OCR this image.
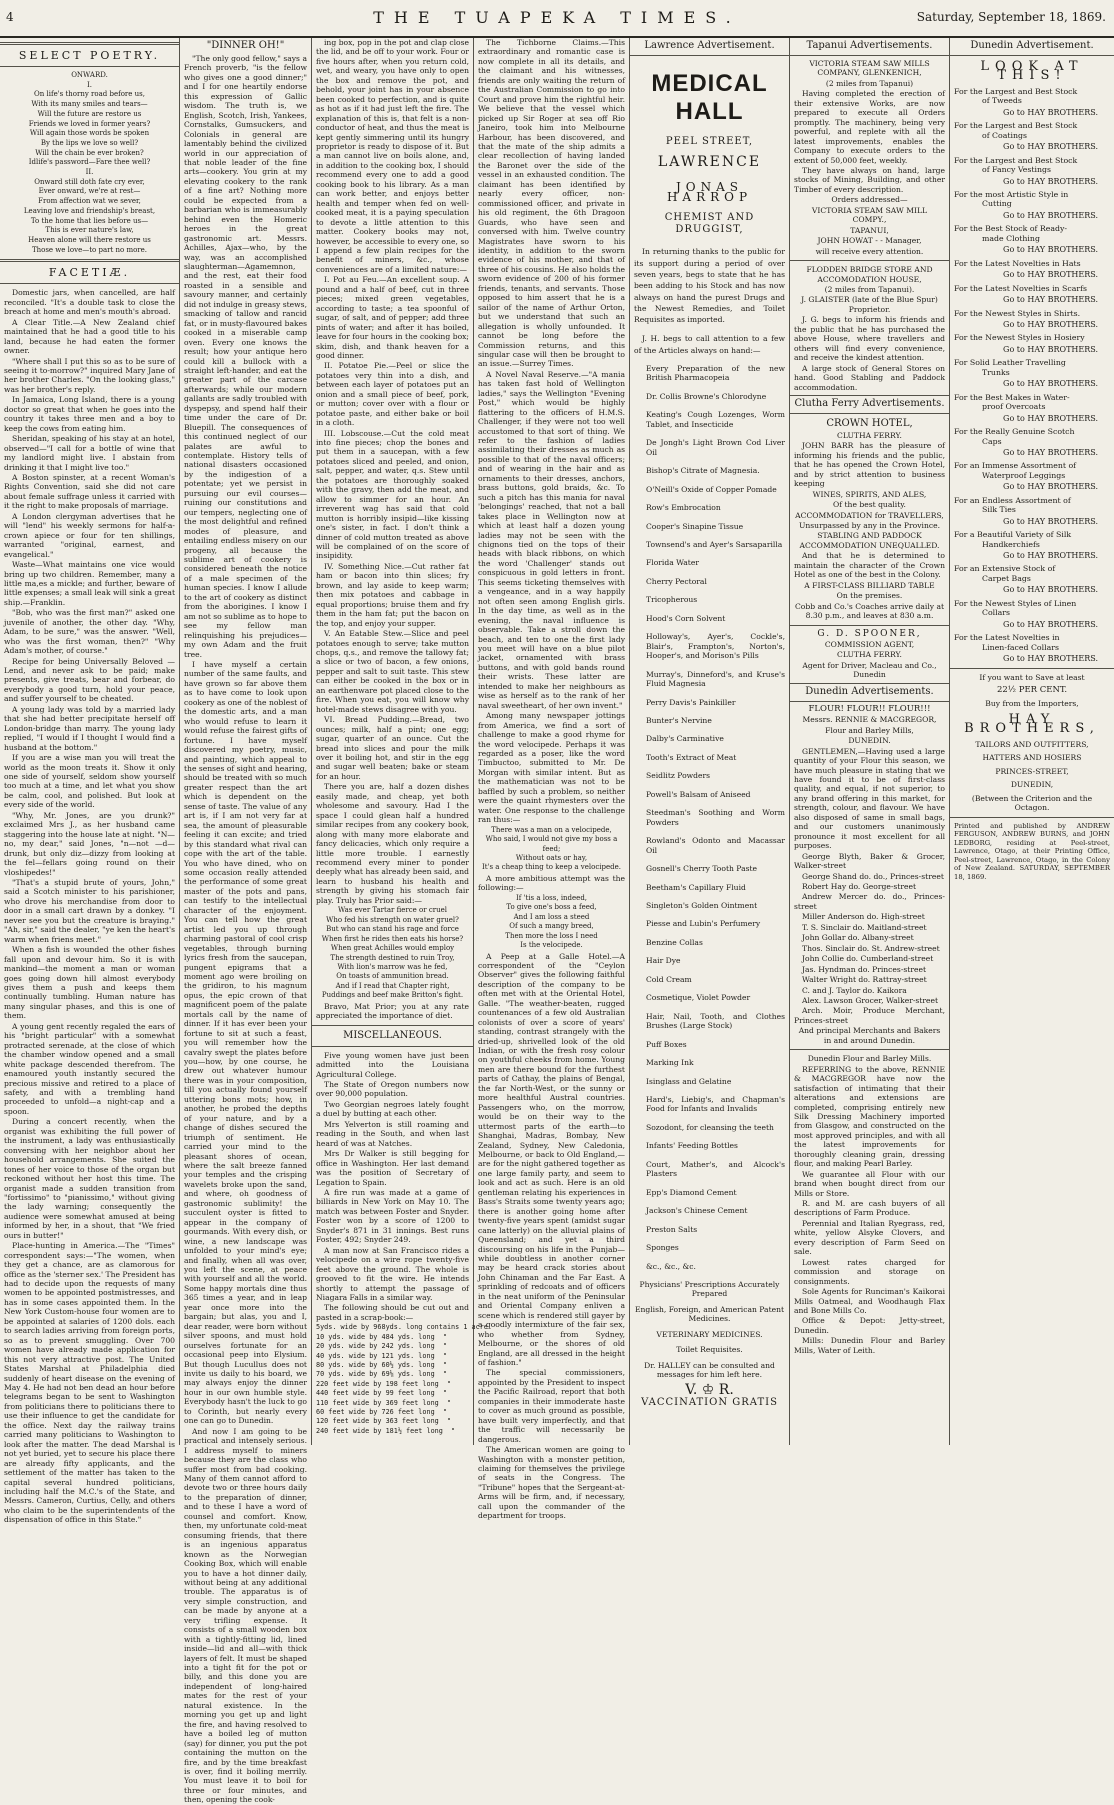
4	THE TUAPEKA TIMES.	Saturday, September 18, 1869.
SELECT POETRY.

ONWARD.

I.

On life's thorny road before us,

With its many smiles and tears—

Will the future are restore us

Friends we loved in former years?

Will again those words be spoken

By the lips we love so well?

Will the chain be ever broken?

Idlife's password—Fare thee well?

II.

Onward still doth fate cry ever,

Ever onward, we're at rest—

From affection wat we sever,

Leaving love and friendship's breast,

To the home that lies before us—

This is ever nature's law,

Heaven alone will there restore us

Those we love—to part no more.

FACETIÆ.

Domestic jars, when cancelled, are half reconciled. "It's a double task to close the breach at home and men's mouth's abroad.

A Clear Title.—A New Zealand chief maintained that he had a good title to his land, because he had eaten the former owner.

"Where shall I put this so as to be sure of seeing it to-morrow?" inquired Mary Jane of her brother Charles. "On the looking glass," was her brother's reply.

In Jamaica, Long Island, there is a young doctor so great that when he goes into the country it takes three men and a boy to keep the cows from eating him.

Sheridan, speaking of his stay at an hotel, observed—"I call for a bottle of wine that my landlord might live. I abstain from drinking it that I might live too."

A Boston spinster, at a recent Woman's Rights Convention, said she did not care about female suffrage unless it carried with it the right to make proposals of marriage.

A London clergyman advertises that he will "lend" his weekly sermons for half-a-crown apiece or four for ten shillings, warranted "original, earnest, and evangelical."

Waste—What maintains one vice would bring up two children. Remember, many a little ma,es a mickle; and further, beware of little expenses; a small leak will sink a great ship.—Franklin.

"Bob, who was the first man?" asked one juvenile of another, the other day. "Why, Adam, to be sure," was the answer. "Well, who was the first woman, then?" "Why Adam's mother, of course."

Recipe for being Universally Beloved —Lend, and never ask to be paid; make presents, give treats, bear and forbear, do everybody a good turn, hold your peace, and suffer yourself to be cheated.

A young lady was told by a married lady that she had better precipitate herself off London-bridge than marry. The young lady replied, "I would if I thought I would find a husband at the bottom."

If you are a wise man you will treat the world as the moon treats it. Show it only one side of yourself, seldom show yourself too much at a time, and let what you show be calm, cool, and polished. But look at every side of the world.

"Why, Mr. Jones, are you drunk?" exclaimed Mrs J., as her husband came staggering into the house late at night. "N—no, my dear," said Jones, "n—not —d—drunk, but only diz—dizzy from looking at the fel—fellars going round on their vloshipedes!"

"That's a stupid brute of yours, John," said a Scotch minister to his parishioner, who drove his merchandise from door to door in a small cart drawn by a donkey. "I never see you but the creature is braying." "Ah, sir," said the dealer, "ye ken the heart's warm when friens meet."

When a fish is wounded the other fishes fall upon and devour him. So it is with mankind—the moment a man or woman goes going down hill almost everybody gives them a push and keeps them continually tumbling. Human nature has many singular phases, and this is one of them.

A young gent recently regaled the ears of his "bright particular" with a somewhat protracted serenade, at the close of which the chamber window opened and a small white package descended therefrom. The enamoured youth instantly secured the precious missive and retired to a place of safety, and with a trembling hand proceeded to unfold—a night-cap and a spoon.

During a concert recently, when the organist was exhibiting the full power of the instrument, a lady was enthusiastically conversing with her neighbor about her household arrangements. She suited the tones of her voice to those of the organ but reckoned without her host this time. The organist made a sudden transition from "fortissimo" to "pianissimo," without giving the lady warning; consequently the audience were somewhat amused at being informed by her, in a shout, that "We fried ours in butter!"

Place-hunting in America.—The "Times" correspondent says:—"The women, when they get a chance, are as clamorous for office as the 'sterner sex.' The President has had to decide upon the requests of many women to be appointed postmistresses, and has in some cases appointed them. In the New York Custom-house four women are to be appointed at salaries of 1200 dols. each to search ladies arriving from foreign ports, so as to prevent smuggling. Over 700 women have already made application for this not very attractive post. The United States Marshal at Philadelphia died suddenly of heart disease on the evening of May 4. He had not ben dead an hour before telegrams began to be sent to Washington from politicians there to politicians there to use their influence to get the candidate for the office. Next day the railway trains carried many politicians to Washington to look after the matter. The dead Marshal is not yet buried, yet to secure his place there are already fifty applicants, and the settlement of the matter has taken to the capital several hundred politicians, including half the M.C.'s of the State, and Messrs. Cameron, Curtius, Celly, and others who claim to be the superintendents of the dispensation of office in this State."

"DINNER OH!"

"The only good fellow," says a French proverb, "is the fellow who gives one a good dinner;" and I for one heartily endorse this expression of Gallic wisdom. The truth is, we English, Scotch, Irish, Yankees, Cornstalks, Gumsuckers, and Colonials in general are lamentably behind the civilized world in our appreciation of that noble leader of the fine arts—cookery. You grin at my elevating cookery to the rank of a fine art? Nothing more could be expected from a barbarian who is immeasurably behind even the Homeric heroes in the great gastronomic art. Messrs. Achilles, Ajax—who, by the way, was an accomplished slaughterman—Agamemnon, and the rest, eat their food roasted in a sensible and savoury manner, and certainly did not indulge in greasy stews, smacking of tallow and rancid fat, or in musty-flavoured bakes cooked in a miserable camp oven. Every one knows the result; how your antique hero could kill a bullock with a straight left-hander, and eat the greater part of the carcase afterwards; while our modern gallants are sadly troubled with dyspepsy, and spend half their time under the care of Dr. Bluepill. The consequences of this continued neglect of our palates are awful to contemplate. History tells of national disasters occasioned by the indigestion of a potentate; yet we persist in pursuing our evil courses—ruining our constitutions and our tempers, neglecting one of the most delightful and refined modes of pleasure, and entailing endless misery on our progeny, all because the sublime art of cookery is considered beneath the notice of a male specimen of the human species. I know I allude to the art of cookery as distinct from the aborigines. I know I am not so sublime as to hope to see my fellow man relinquishing his prejudices—my own Adam and the fruit tree.

I have myself a certain number of the same faults, and have grown so far above them as to have come to look upon cookery as one of the noblest of the domestic arts, and a man who would refuse to learn it would refuse the fairest gifts of fortune. I have myself discovered my poetry, music, and painting, which appeal to the senses of sight and hearing, should be treated with so much greater respect than the art which is dependent on the sense of taste. The value of any art is, if I am not very far at sea, the amount of pleasurable feeling it can excite; and tried by this standard what rival can cope with the art of the table. You who have dined, who on some occasion really attended the performance of some great master of the pots and pans, can testify to the intellectual character of the enjoyment. You can tell how the great artist led you up through charming pastoral of cool crisp vegetables, through burning lyrics fresh from the saucepan, pungent epigrams that a moment ago were broiling on the gridiron, to his magnum opus, the epic crown of that magnificent poem of the palate mortals call by the name of dinner. If it has ever been your fortune to sit at such a feast, you will remember how the cavalry swept the plates before you—how, by one course, he drew out whatever humour there was in your composition, till you actually found yourself uttering bons mots; how, in another, he probed the depths of your nature, and by a change of dishes secured the triumph of sentiment. He carried your mind to the pleasant shores of ocean, where the salt breeze fanned your temples and the crisping wavelets broke upon the sand, and where, oh goodness of gastronomic sublimity! the succulent oyster is fitted to appear in the company of gourmands. With every dish, or wine, a new landscape was unfolded to your mind's eye; and finally, when all was over, you left the scene, at peace with yourself and all the world. Some happy mortals dine thus 365 times a year, and in leap year once more into the bargain; but alas, you and I, dear reader, were born without silver spoons, and must hold ourselves fortunate for an occasional peep into Elysium. But though Lucullus does not invite us daily to his board, we may always enjoy the dinner hour in our own humble style. Everybody hasn't the luck to go to Corinth, but nearly every one can go to Dunedin.

And now I am going to be practical and intensely serious. I address myself to miners because they are the class who suffer most from bad cooking. Many of them cannot afford to devote two or three hours daily to the preparation of dinner, and to these I have a word of counsel and comfort. Know, then, my unfortunate cold-meat consuming friends, that there is an ingenious apparatus known as the Norwegian Cooking Box, which will enable you to have a hot dinner daily, without being at any additional trouble. The apparatus is of very simple construction, and can be made by anyone at a very trifling expense. It consists of a small wooden box with a tightly-fitting lid, lined inside—lid and all—with thick layers of felt. It must be shaped into a tight fit for the pot or billy, and this done you are independent of long-haired mates for the rest of your natural existence. In the morning you get up and light the fire, and having resolved to have a boiled leg of mutton (say) for dinner, you put the pot containing the mutton on the fire, and by the time breakfast is over, find it boiling merrily. You must leave it to boil for three or four minutes, and then, opening the cook-

ing box, pop in the pot and clap close the lid, and be off to your work. Four or five hours after, when you return cold, wet, and weary, you have only to open the box and remove the pot, and behold, your joint has in your absence been cooked to perfection, and is quite as hot as if it had just left the fire. The explanation of this is, that felt is a non-conductor of heat, and thus the meat is kept gently simmering until its hungry proprietor is ready to dispose of it. But a man cannot live on boils alone, and, in addition to the cooking box, I should recommend every one to add a good cooking book to his library. As a man can work better, and enjoys better health and temper when fed on well-cooked meat, it is a paying speculation to devote a little attention to this matter. Cookery books may not, however, be accessible to every one, so I append a few plain recipes for the benefit of miners, &c., whose conveniences are of a limited nature:—

I. Pot au Feu.—An excellent soup. A pound and a half of beef, cut in three pieces; mixed green vegetables, according to taste; a tea spoonful of sugar, of salt, and of pepper; add three pints of water; and after it has boiled, leave for four hours in the cooking box; skim, dish, and thank heaven for a good dinner.

II. Potatoe Pie.—Peel or slice the potatoes very thin into a dish, and between each layer of potatoes put an onion and a small piece of beef, pork, or mutton; cover over with a flour or potatoe paste, and either bake or boil in a cloth.

III. Lobscouse.—Cut the cold meat into fine pieces; chop the bones and put them in a saucepan, with a few potatoes sliced and peeled, and onion, salt, pepper, and water, q.s. Stew until the potatoes are thoroughly soaked with the gravy, then add the meat, and allow to simmer for an hour. An irreverent wag has said that cold mutton is horribly insipid—like kissing one's sister, in fact. I don't think a dinner of cold mutton treated as above will be complained of on the score of insipidity.

IV. Something Nice.—Cut rather fat ham or bacon into thin slices; fry brown, and lay aside to keep warm; then mix potatoes and cabbage in equal proportions; bruise them and fry them in the ham fat; put the bacon on the top, and enjoy your supper.

V. An Eatable Stew.—Slice and peel potatoes enough to serve; take mutton chops, q.s., and remove the tallowy fat; a slice or two of bacon, a few onions, pepper and salt to suit taste. This stew can either be cooked in the box or in an earthenware pot placed close to the fire. When you eat, you will know why hotel-made stews disagree with you.

VI. Bread Pudding.—Bread, two ounces; milk, half a pint; one egg; sugar, quarter of an ounce. Cut the bread into slices and pour the milk over it boiling hot, and stir in the egg and sugar well beaten; bake or steam for an hour.

There you are, half a dozen dishes easily made, and cheap, yet both wholesome and savoury. Had I the space I could glean half a hundred similar recipes from any cookery book, along with many more elaborate and fancy delicacies, which only require a little more trouble. I earnestly recommend every miner to ponder deeply what has already been said, and learn to husband his health and strength by giving his stomach fair play. Truly has Prior said:—

Was ever Tartar fierce or cruel
Who fed his strength on water gruel?
But who can stand his rage and force
When first he rides then eats his horse?
When great Achilles would employ
The strength destined to ruin Troy,
With lion's marrow was he fed,
On toasts of ammunition bread.
And if I read that Chapter right,
Puddings and beef make Britton's fight.

Bravo, Mat Prior; you at any rate appreciated the importance of diet.

MISCELLANEOUS.

Five young women have just been admitted into the Louisiana Agricultural College.

The State of Oregon numbers now over 90,000 population.

Two Georgian negroes lately fought a duel by butting at each other.

Mrs Yelverton is still roaming and reading in the South, and when last heard of was at Natches.

Mrs Dr Walker is still begging for office in Washington. Her last demand was the position of Secretary of Legation to Spain.

A fire run was made at a game of billiards in New York on May 10. The match was between Foster and Snyder. Foster won by a score of 1200 to Snyder's 871 in 31 innings. Best runs Foster, 492; Snyder 249.

A man now at San Francisco rides a velocipede on a wire rope twenty-five feet above the ground. The whole is grooved to fit the wire. He intends shortly to attempt the passage of Niagara Falls in a similar way.

The following should be cut out and pasted in a scrap-book:—

5yds. wide by 968yds. long contains 1 acre.
10 yds. wide by 484 yds. long  "
20 yds. wide by 242 yds. long  "
40 yds. wide by 121 yds. long  "
80 yds. wide by 60½ yds. long  "
70 yds. wide by 69⅛ yds. long  "
220 feet wide by 198 feet long  "
440 feet wide by 99 feet long  "
110 feet wide by 369 feet long  "
60 feet wide by 726 feet long  "
120 feet wide by 363 feet long  "
240 feet wide by 181½ feet long  "

The Tichborne Claims.—This extraordinary and romantic case is now complete in all its details, and the claimant and his witnesses, friends are only waiting the return of the Australian Commission to go into Court and prove him the rightful heir. We believe that the vessel which picked up Sir Roger at sea off Rio Janeiro, took him into Melbourne Harbour, has been discovered, and that the mate of the ship admits a clear recollection of having landed the Baronet over the side of the vessel in an exhausted condition. The claimant has been identified by nearly every officer, non-commissioned officer, and private in his old regiment, the 6th Dragoon Guards, who have seen and conversed with him. Twelve country Magistrates have sworn to his identity, in addition to the sworn evidence of his mother, and that of three of his cousins. He also holds the sworn evidence of 200 of his former friends, tenants, and servants. Those opposed to him assert that he is a sailor of the name of Arthur Orton, but we understand that such an allegation is wholly unfounded. It cannot be long before the Commission returns, and this singular case will then be brought to an issue.—Surrey Times.

A Novel Naval Reserve.—"A mania has taken fast hold of Wellington ladies," says the Wellington "Evening Post," which would be highly flattering to the officers of H.M.S. Challenger, if they were not too well accustomed to that sort of thing. We refer to the fashion of ladies assimilating their dresses as much as possible to that of the naval officers; and of wearing in the hair and as ornaments to their dresses, anchors, brass buttons, gold braids, &c. To such a pitch has this mania for naval 'belongings' reached, that not a ball takes place in Wellington now at which at least half a dozen young ladies may not be seen with the chignons tied on the tops of their heads with black ribbons, on which the word 'Challenger' stands out conspicuous in gold letters in front. This seems ticketing themselves with a vengeance, and in a way happily not often seen among English girls. In the day time, as well as in the evening, the naval influence is observable. Take a stroll down the beach, and ten to one the first lady you meet will have on a blue pilot jacket, ornamented with brass buttons, and with gold bands round their wrists. These latter are intended to make her neighbours as wise as herself as to the rank of her naval sweetheart, of her own invent."

Among many newspaper jottings from America, we find a sort of challenge to make a good rhyme for the word velocipede. Perhaps it was regarded as a poser, like the word Timbuctoo, submitted to Mr. De Morgan with similar intent. But as the mathematician was not to be baffled by such a problem, so neither were the quaint rhymesters over the water. One response to the challenge ran thus:—

There was a man on a velocipede,
Who said, I would not give my boss a feed;
Without oats or hay,
It's a cheap thing to keep a velocipede.

A more ambitious attempt was the following:—

If 'tis a loss, indeed,
To give one's boss a feed,
And I am loss a steed
Of such a mangy breed,
Then more the loss I need
Is the velocipede.

A Peep at a Galle Hotel.—A correspondent of the "Ceylon Observer" gives the following faithful description of the company to be often met with at the Oriental Hotel, Galle. "The weather-beaten, rugged countenances of a few old Australian colonists of over a score of years' standing, contrast strangely with the dried-up, shrivelled look of the old Indian, or with the fresh rosy colour on youthful cheeks from home. Young men are there bound for the furthest parts of Cathay, the plains of Bengal, the far North-West, or the sunny or more healthful Austral countries. Passengers who, on the morrow, would be on their way to the uttermost parts of the earth—to Shanghai, Madras, Bombay, New Zealand, Sydney, New Caledonia, Melbourne, or back to Old England,—are for the night gathered together as one large family party, and seem to look and act as such. Here is an old gentleman relating his experiences in Bass's Straits some twenty years ago; there is another going home after twenty-five years spent (amidst sugar cane latterly) on the alluvial plains of Queensland; and yet a third discoursing on his life in the Punjab—while doubtless in another corner may be heard crack stories about John Chinaman and the Far East. A sprinkling of redcoats and of officers in the neat uniform of the Peninsular and Oriental Company enliven a scene which is rendered still gayer by a goodly intermixture of the fair sex, who whether from Sydney, Melbourne, or the shores of old England, are all dressed in the height of fashion."

The special commissioners, appointed by the President to inspect the Pacific Railroad, report that both companies in their immoderate haste to cover as much ground as possible, have built very imperfectly, and that the traffic will necessarily be dangerous.

The American women are going to Washington with a monster petition, claiming for themselves the privilege of seats in the Congress. The "Tribune" hopes that the Sergeant-at-Arms will be firm, and, if necessary, call upon the commander of the department for troops.

Lawrence Advertisement.
MEDICAL HALL
PEEL STREET,
LAWRENCE
JONAS HARROP
CHEMIST AND DRUGGIST,

In returning thanks to the public for its support during a period of over seven years, begs to state that he has been adding to his Stock and has now always on hand the purest Drugs and the Newest Remedies, and Toilet Requisites as imported.

J. H. begs to call attention to a few of the Articles always on hand:—

Every Preparation of the new British Pharmacopeia

Dr. Collis Browne's Chlorodyne

Keating's Cough Lozenges, Worm Tablet, and Insecticide

De Jongh's Light Brown Cod Liver Oil

Bishop's Citrate of Magnesia.

O'Neill's Oxide of Copper Pomade

Row's Embrocation

Cooper's Sinapine Tissue

Townsend's and Ayer's Sarsaparilla

Florida Water

Cherry Pectoral

Tricopherous

Hood's Corn Solvent

Holloway's, Ayer's, Cockle's, Blair's, Frampton's, Norton's, Hooper's, and Morison's Pills

Murray's, Dinneford's, and Kruse's Fluid Magnesia

Perry Davis's Painkiller

Bunter's Nervine

Dalby's Carminative

Tooth's Extract of Meat

Seidlitz Powders

Powell's Balsam of Aniseed

Steedman's Soothing and Worm Powders

Rowland's Odonto and Macassar Oil

Gosnell's Cherry Tooth Paste

Beetham's Capillary Fluid

Singleton's Golden Ointment

Piesse and Lubin's Perfumery

Benzine Collas

Hair Dye

Cold Cream

Cosmetique, Violet Powder

Hair, Nail, Tooth, and Clothes Brushes (Large Stock)

Puff Boxes

Marking Ink

Isinglass and Gelatine

Hard's, Liebig's, and Chapman's Food for Infants and Invalids

Sozodont, for cleansing the teeth

Infants' Feeding Bottles

Court, Mather's, and Alcock's Plasters

Epp's Diamond Cement

Jackson's Chinese Cement

Preston Salts

Sponges

&c., &c., &c.

Physicians' Prescriptions Accurately Prepared

English, Foreign, and American Patent Medicines.

VETERINARY MEDICINES.

Toilet Requisites.

Dr. HALLEY can be consulted and messages for him left here.

V. ♔ R.
VACCINATION GRATIS
Tapanui Advertisements.

VICTORIA STEAM SAW MILLS COMPANY, GLENKENICH,

(2 miles from Tapanui)

Having completed the erection of their extensive Works, are now prepared to execute all Orders promptly. The machinery, being very powerful, and replete with all the latest improvements, enables the Company to execute orders to the extent of 50,000 feet, weekly.

They have always on hand, large stocks of Mining, Building, and other Timber of every description.

Orders addressed—

VICTORIA STEAM SAW MILL COMPY.,

TAPANUI,

JOHN HOWAT - - Manager,

will receive every attention.

FLODDEN BRIDGE STORE AND ACCOMODATION HOUSE,

(2 miles from Tapanui).

J. GLAISTER (late of the Blue Spur) Proprietor.

J. G. begs to inform his friends and the public that he has purchased the above House, where travellers and others will find every convenience, and receive the kindest attention.

A large stock of General Stores on hand. Good Stabling and Paddock accommodation.

Clutha Ferry Advertisements.

CROWN HOTEL,

CLUTHA FERRY.

JOHN BARR has the pleasure of informing his friends and the public, that he has opened the Crown Hotel, and by strict attention to business keeping

WINES, SPIRITS, AND ALES,

Of the best quality.

ACCOMMODATION for TRAVELLERS,

Unsurpassed by any in the Province.

STABLING AND PADDOCK ACCOMMODATION UNEQUALLED.

And that he is determined to maintain the character of the Crown Hotel as one of the best in the Colony.

A FIRST-CLASS BILLIARD TABLE

On the premises.

Cobb and Co.'s Coaches arrive daily at 8.30 p.m., and leaves at 830 a.m.

G. D. SPOONER,

COMMISSION AGENT,

CLUTHA FERRY.

Agent for Driver, Macleau and Co., Dunedin

Dunedin Advertisements.

FLOUR! FLOUR!! FLOUR!!!

Messrs. RENNIE & MACGREGOR,

Flour and Barley Mills,

DUNEDIN.

GENTLEMEN,—Having used a large quantity of your Flour this season, we have much pleasure in stating that we have found it to be of first-class quality, and equal, if not superior, to any brand offering in this market, for strength, colour, and flavour. We have also disposed of same in small bags, and our customers unanimously pronounce it most excellent for all purposes.

George Blyth, Baker & Grocer, Walker-street

George Shand do. do., Princes-street

Robert Hay do. George-street

Andrew Mercer do. do., Princes-street

Miller Anderson do. High-street

T. S. Sinclair do. Maitland-street

John Gollar do. Albany-street

Thos. Sinclair do. St. Andrew-street

John Collie do. Cumberland-street

Jas. Hyndman do. Princes-street

Walter Wright do. Rattray-street

C. and J. Taylor do. Kaikora

Alex. Lawson Grocer, Walker-street

Arch. Moir, Produce Merchant, Princes-street

And principal Merchants and Bakers in and around Dunedin.

Dunedin Flour and Barley Mills.

REFERRING to the above, RENNIE & MACGREGOR have now the satisfaction of intimating that their alterations and extensions are completed, comprising entirely new Silk Dressing Machinery imported from Glasgow, and constructed on the most approved principles, and with all the latest improvements for thoroughly cleaning grain, dressing flour, and making Pearl Barley.

We guarantee all Flour with our brand when bought direct from our Mills or Store.

R. and M. are cash buyers of all descriptions of Farm Produce.

Perennial and Italian Ryegrass, red, white, yellow Alsyke Clovers, and every description of Farm Seed on sale.

Lowest rates charged for commission and storage on consignments.

Sole Agents for Runciman's Kaikorai Mills Oatmeal, and Woodhaugh Flax and Bone Mills Co.

Office & Depot: Jetty-street, Dunedin.

Mills: Dunedin Flour and Barley Mills, Water of Leith.

Dunedin Advertisement.
LOOK AT THIS!

For the Largest and Best Stock

of Tweeds

Go to HAY BROTHERS.

For the Largest and Best Stock

of Coatings

Go to HAY BROTHERS.

For the Largest and Best Stock

of Fancy Vestings

Go to HAY BROTHERS.

For the most Artistic Style in

Cutting

Go to HAY BROTHERS.

For the Best Stock of Ready-

made Clothing

Go to HAY BROTHERS.

For the Latest Novelties in Hats

Go to HAY BROTHERS.

For the Latest Novelties in Scarfs

Go to HAY BROTHERS.

For the Newest Styles in Shirts.

Go to HAY BROTHERS.

For the Newest Styles in Hosiery

Go to HAY BROTHERS.

For Solid Leather Travelling

Trunks

Go to HAY BROTHERS.

For the Best Makes in Water-

proof Overcoats

Go to HAY BROTHERS.

For the Really Genuine Scotch

Caps

Go to HAY BROTHERS.

For an Immense Assortment of

Waterproof Leggings

Go to HAY BROTHERS.

For an Endless Assortment of

Silk Ties

Go to HAY BROTHERS.

For a Beautiful Variety of Silk

Handkerchiefs

Go to HAY BROTHERS.

For an Extensive Stock of

Carpet Bags

Go to HAY BROTHERS.

For the Newest Styles of Linen

Collars

Go to HAY BROTHERS.

For the Latest Novelties in

Linen-faced Collars

Go to HAY BROTHERS.

If you want to Save at least

22½ PER CENT.

Buy from the Importers,

HAY BROTHERS,

TAILORS AND OUTFITTERS,

HATTERS AND HOSIERS

PRINCES-STREET,

DUNEDIN,

(Between the Criterion and the Octagon.

Printed and published by ANDREW FERGUSON, ANDREW BURNS, and JOHN LEDBORG, residing at Peel-street, Lawrence, Otago, at their Printing Office, Peel-street, Lawrence, Otago, in the Colony of New Zealand. SATURDAY, SEPTEMBER 18, 1869.
